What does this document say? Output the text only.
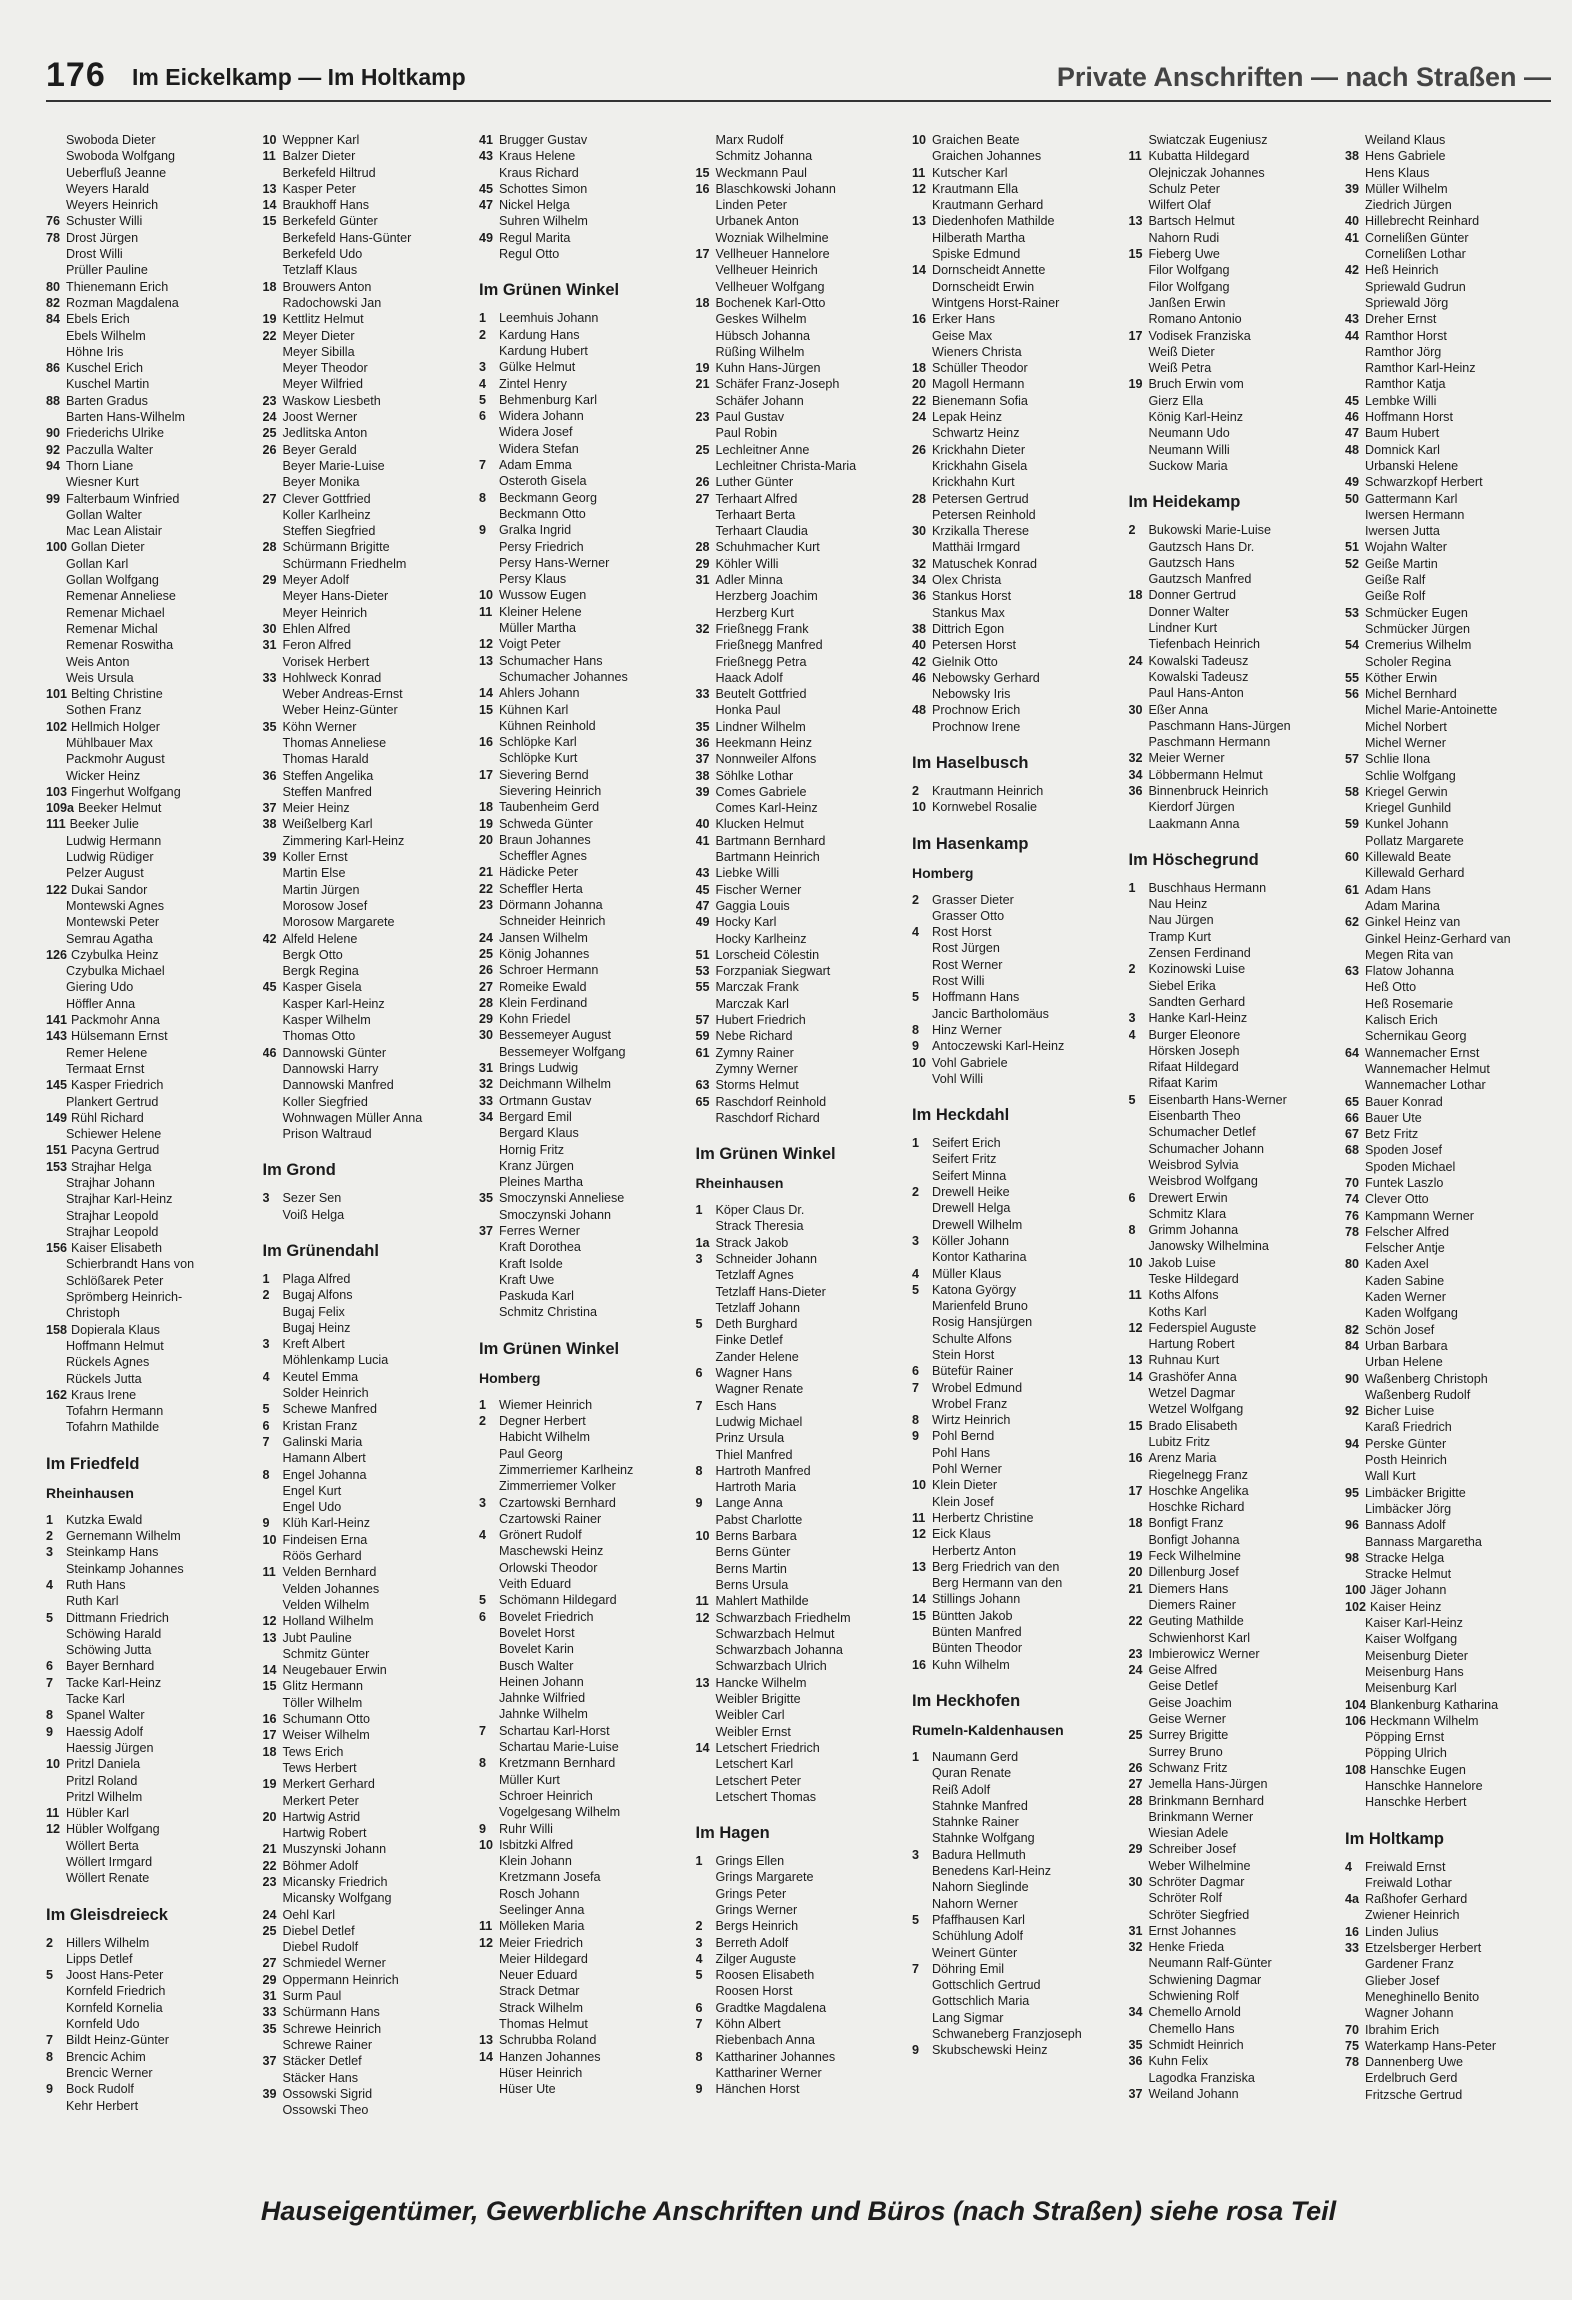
176 Im Eickelkamp — Im Holtkamp	Private Anschriften — nach Straßen —
Swoboda Dieter
Swoboda Wolfgang
Ueberfluß Jeanne
Weyers Harald
Weyers Heinrich
76 Schuster Willi
78 Drost Jürgen
Drost Willi
Prüller Pauline
80 Thienemann Erich
82 Rozman Magdalena
84 Ebels Erich
Ebels Wilhelm
Höhne Iris
86 Kuschel Erich
Kuschel Martin
88 Barten Gradus
Barten Hans-Wilhelm
90 Friederichs Ulrike
92 Paczulla Walter
94 Thorn Liane
Wiesner Kurt
99 Falterbaum Winfried
Gollan Walter
Mac Lean Alistair
100 Gollan Dieter
Gollan Karl
Gollan Wolfgang
Remenar Anneliese
Remenar Michael
Remenar Michal
Remenar Roswitha
Weis Anton
Weis Ursula
101 Belting Christine
Sothen Franz
102 Hellmich Holger
Mühlbauer Max
Packmohr August
Wicker Heinz
103 Fingerhut Wolfgang
109a Beeker Helmut
111 Beeker Julie
Ludwig Hermann
Ludwig Rüdiger
Pelzer August
122 Dukai Sandor
Montewski Agnes
Montewski Peter
Semrau Agatha
126 Czybulka Heinz
Czybulka Michael
Giering Udo
Höffler Anna
141 Packmohr Anna
143 Hülsemann Ernst
Remer Helene
Termaat Ernst
145 Kasper Friedrich
Plankert Gertrud
149 Rühl Richard
Schiewer Helene
151 Pacyna Gertrud
153 Strajhar Helga
Strajhar Johann
Strajhar Karl-Heinz
Strajhar Leopold
Strajhar Leopold
156 Kaiser Elisabeth
Schierbrandt Hans von
Schlößarek Peter
Sprömberg Heinrich-
Christoph
158 Dopierala Klaus
Hoffmann Helmut
Rückels Agnes
Rückels Jutta
162 Kraus Irene
Tofahrn Hermann
Tofahrn Mathilde
Im Friedfeld
Rheinhausen
1 Kutzka Ewald
2 Gernemann Wilhelm
3 Steinkamp Hans
Steinkamp Johannes
4 Ruth Hans
Ruth Karl
5 Dittmann Friedrich
Schöwing Harald
Schöwing Jutta
6 Bayer Bernhard
7 Tacke Karl-Heinz
Tacke Karl
8 Spanel Walter
9 Haessig Adolf
Haessig Jürgen
10 Pritzl Daniela
Pritzl Roland
Pritzl Wilhelm
11 Hübler Karl
12 Hübler Wolfgang
Wöllert Berta
Wöllert Irmgard
Wöllert Renate
Im Gleisdreieck
2 Hillers Wilhelm
Lipps Detlef
5 Joost Hans-Peter
Kornfeld Friedrich
Kornfeld Kornelia
Kornfeld Udo
7 Bildt Heinz-Günter
8 Brencic Achim
Brencic Werner
9 Bock Rudolf
Kehr Herbert
10 Weppner Karl
11 Balzer Dieter
Berkefeld Hiltrud
13 Kasper Peter
14 Braukhoff Hans
15 Berkefeld Günter
Berkefeld Hans-Günter
Berkefeld Udo
Tetzlaff Klaus
18 Brouwers Anton
Radochowski Jan
19 Kettlitz Helmut
22 Meyer Dieter
Meyer Sibilla
Meyer Theodor
Meyer Wilfried
23 Waskow Liesbeth
24 Joost Werner
25 Jedlitska Anton
26 Beyer Gerald
Beyer Marie-Luise
Beyer Monika
27 Clever Gottfried
Koller Karlheinz
Steffen Siegfried
28 Schürmann Brigitte
Schürmann Friedhelm
29 Meyer Adolf
Meyer Hans-Dieter
Meyer Heinrich
30 Ehlen Alfred
31 Feron Alfred
Vorisek Herbert
33 Hohlweck Konrad
Weber Andreas-Ernst
Weber Heinz-Günter
35 Köhn Werner
Thomas Anneliese
Thomas Harald
36 Steffen Angelika
Steffen Manfred
37 Meier Heinz
38 Weißelberg Karl
Zimmering Karl-Heinz
39 Koller Ernst
Martin Else
Martin Jürgen
Morosow Josef
Morosow Margarete
42 Alfeld Helene
Bergk Otto
Bergk Regina
45 Kasper Gisela
Kasper Karl-Heinz
Kasper Wilhelm
Thomas Otto
46 Dannowski Günter
Dannowski Harry
Dannowski Manfred
Koller Siegfried
Wohnwagen Müller Anna
Prison Waltraud
Im Grond
3 Sezer Sen
Voiß Helga
Im Grünendahl
1 Plaga Alfred
2 Bugaj Alfons
Bugaj Felix
Bugaj Heinz
3 Kreft Albert
Möhlenkamp Lucia
4 Keutel Emma
Solder Heinrich
5 Schewe Manfred
6 Kristan Franz
7 Galinski Maria
Hamann Albert
8 Engel Johanna
Engel Kurt
Engel Udo
9 Klüh Karl-Heinz
10 Findeisen Erna
Röös Gerhard
11 Velden Bernhard
Velden Johannes
Velden Wilhelm
12 Holland Wilhelm
13 Jubt Pauline
Schmitz Günter
14 Neugebauer Erwin
15 Glitz Hermann
Töller Wilhelm
16 Schumann Otto
17 Weiser Wilhelm
18 Tews Erich
Tews Herbert
19 Merkert Gerhard
Merkert Peter
20 Hartwig Astrid
Hartwig Robert
21 Muszynski Johann
22 Böhmer Adolf
23 Micansky Friedrich
Micansky Wolfgang
24 Oehl Karl
25 Diebel Detlef
Diebel Rudolf
27 Schmiedel Werner
29 Oppermann Heinrich
31 Surm Paul
33 Schürmann Hans
35 Schrewe Heinrich
Schrewe Rainer
37 Stäcker Detlef
Stäcker Hans
39 Ossowski Sigrid
Ossowski Theo
41 Brugger Gustav
43 Kraus Helene
Kraus Richard
45 Schottes Simon
47 Nickel Helga
Suhren Wilhelm
49 Regul Marita
Regul Otto
Im Grünen Winkel
1 Leemhuis Johann
2 Kardung Hans
Kardung Hubert
3 Gülke Helmut
4 Zintel Henry
5 Behmenburg Karl
6 Widera Johann
Widera Josef
Widera Stefan
7 Adam Emma
Osteroth Gisela
8 Beckmann Georg
Beckmann Otto
9 Gralka Ingrid
Persy Friedrich
Persy Hans-Werner
Persy Klaus
10 Wussow Eugen
11 Kleiner Helene
Müller Martha
12 Voigt Peter
13 Schumacher Hans
Schumacher Johannes
14 Ahlers Johann
15 Kühnen Karl
Kühnen Reinhold
16 Schlöpke Karl
Schlöpke Kurt
17 Sievering Bernd
Sievering Heinrich
18 Taubenheim Gerd
19 Schweda Günter
20 Braun Johannes
Scheffler Agnes
21 Hädicke Peter
22 Scheffler Herta
23 Dörmann Johanna
Schneider Heinrich
24 Jansen Wilhelm
25 König Johannes
26 Schroer Hermann
27 Romeike Ewald
28 Klein Ferdinand
29 Kohn Friedel
30 Bessemeyer August
Bessemeyer Wolfgang
31 Brings Ludwig
32 Deichmann Wilhelm
33 Ortmann Gustav
34 Bergard Emil
Bergard Klaus
Hornig Fritz
Kranz Jürgen
Pleines Martha
35 Smoczynski Anneliese
Smoczynski Johann
37 Ferres Werner
Kraft Dorothea
Kraft Isolde
Kraft Uwe
Paskuda Karl
Schmitz Christina
Im Grünen Winkel
Homberg
1 Wiemer Heinrich
2 Degner Herbert
Habicht Wilhelm
Paul Georg
Zimmerriemer Karlheinz
Zimmerriemer Volker
3 Czartowski Bernhard
Czartowski Rainer
4 Grönert Rudolf
Maschewski Heinz
Orlowski Theodor
Veith Eduard
5 Schömann Hildegard
6 Bovelet Friedrich
Bovelet Horst
Bovelet Karin
Busch Walter
Heinen Johann
Jahnke Wilfried
Jahnke Wilhelm
7 Schartau Karl-Horst
Schartau Marie-Luise
8 Kretzmann Bernhard
Müller Kurt
Schroer Heinrich
Vogelgesang Wilhelm
9 Ruhr Willi
10 Isbitzki Alfred
Klein Johann
Kretzmann Josefa
Rosch Johann
Seelinger Anna
11 Mölleken Maria
12 Meier Friedrich
Meier Hildegard
Neuer Eduard
Strack Detmar
Strack Wilhelm
Thomas Helmut
13 Schrubba Roland
14 Hanzen Johannes
Hüser Heinrich
Hüser Ute
Marx Rudolf
Schmitz Johanna
15 Weckmann Paul
16 Blaschkowski Johann
Linden Peter
Urbanek Anton
Wozniak Wilhelmine
17 Vellheuer Hannelore
Vellheuer Heinrich
Vellheuer Wolfgang
18 Bochenek Karl-Otto
Geskes Wilhelm
Hübsch Johanna
Rüßing Wilhelm
19 Kuhn Hans-Jürgen
21 Schäfer Franz-Joseph
Schäfer Johann
23 Paul Gustav
Paul Robin
25 Lechleitner Anne
Lechleitner Christa-Maria
26 Luther Günter
27 Terhaart Alfred
Terhaart Berta
Terhaart Claudia
28 Schuhmacher Kurt
29 Köhler Willi
31 Adler Minna
Herzberg Joachim
Herzberg Kurt
32 Frießnegg Frank
Frießnegg Manfred
Frießnegg Petra
Haack Adolf
33 Beutelt Gottfried
Honka Paul
35 Lindner Wilhelm
36 Heekmann Heinz
37 Nonnweiler Alfons
38 Söhlke Lothar
39 Comes Gabriele
Comes Karl-Heinz
40 Klucken Helmut
41 Bartmann Bernhard
Bartmann Heinrich
43 Liebke Willi
45 Fischer Werner
47 Gaggia Louis
49 Hocky Karl
Hocky Karlheinz
51 Lorscheid Cölestin
53 Forzpaniak Siegwart
55 Marczak Frank
Marczak Karl
57 Hubert Friedrich
59 Nebe Richard
61 Zymny Rainer
Zymny Werner
63 Storms Helmut
65 Raschdorf Reinhold
Raschdorf Richard
Im Grünen Winkel
Rheinhausen
1 Köper Claus Dr.
Strack Theresia
1a Strack Jakob
3 Schneider Johann
Tetzlaff Agnes
Tetzlaff Hans-Dieter
Tetzlaff Johann
5 Deth Burghard
Finke Detlef
Zander Helene
6 Wagner Hans
Wagner Renate
7 Esch Hans
Ludwig Michael
Prinz Ursula
Thiel Manfred
8 Hartroth Manfred
Hartroth Maria
9 Lange Anna
Pabst Charlotte
10 Berns Barbara
Berns Günter
Berns Martin
Berns Ursula
11 Mahlert Mathilde
12 Schwarzbach Friedhelm
Schwarzbach Helmut
Schwarzbach Johanna
Schwarzbach Ulrich
13 Hancke Wilhelm
Weibler Brigitte
Weibler Carl
Weibler Ernst
14 Letschert Friedrich
Letschert Karl
Letschert Peter
Letschert Thomas
Im Hagen
1 Grings Ellen
Grings Margarete
Grings Peter
Grings Werner
2 Bergs Heinrich
3 Berreth Adolf
4 Zilger Auguste
5 Roosen Elisabeth
Roosen Horst
6 Gradtke Magdalena
7 Köhn Albert
Riebenbach Anna
8 Katthariner Johannes
Katthariner Werner
9 Hänchen Horst
10 Graichen Beate
Graichen Johannes
11 Kutscher Karl
12 Krautmann Ella
Krautmann Gerhard
13 Diedenhofen Mathilde
Hilberath Martha
Spiske Edmund
14 Dornscheidt Annette
Dornscheidt Erwin
Wintgens Horst-Rainer
16 Erker Hans
Geise Max
Wieners Christa
18 Schüller Theodor
20 Magoll Hermann
22 Bienemann Sofia
24 Lepak Heinz
Schwartz Heinz
26 Krickhahn Dieter
Krickhahn Gisela
Krickhahn Kurt
28 Petersen Gertrud
Petersen Reinhold
30 Krzikalla Therese
Matthäi Irmgard
32 Matuschek Konrad
34 Olex Christa
36 Stankus Horst
Stankus Max
38 Dittrich Egon
40 Petersen Horst
42 Gielnik Otto
46 Nebowsky Gerhard
Nebowsky Iris
48 Prochnow Erich
Prochnow Irene
Im Haselbusch
2 Krautmann Heinrich
10 Kornwebel Rosalie
Im Hasenkamp
Homberg
2 Grasser Dieter
Grasser Otto
4 Rost Horst
Rost Jürgen
Rost Werner
Rost Willi
5 Hoffmann Hans
Jancic Bartholomäus
8 Hinz Werner
9 Antoczewski Karl-Heinz
10 Vohl Gabriele
Vohl Willi
Im Heckdahl
1 Seifert Erich
Seifert Fritz
Seifert Minna
2 Drewell Heike
Drewell Helga
Drewell Wilhelm
3 Köller Johann
Kontor Katharina
4 Müller Klaus
5 Katona György
Marienfeld Bruno
Rosig Hansjürgen
Schulte Alfons
Stein Horst
6 Bütefür Rainer
7 Wrobel Edmund
Wrobel Franz
8 Wirtz Heinrich
9 Pohl Bernd
Pohl Hans
Pohl Werner
10 Klein Dieter
Klein Josef
11 Herbertz Christine
12 Eick Klaus
Herbertz Anton
13 Berg Friedrich van den
Berg Hermann van den
14 Stillings Johann
15 Büntten Jakob
Bünten Manfred
Bünten Theodor
16 Kuhn Wilhelm
Im Heckhofen
Rumeln-Kaldenhausen
1 Naumann Gerd
Quran Renate
Reiß Adolf
Stahnke Manfred
Stahnke Rainer
Stahnke Wolfgang
3 Badura Hellmuth
Benedens Karl-Heinz
Nahorn Sieglinde
Nahorn Werner
5 Pfaffhausen Karl
Schühlung Adolf
Weinert Günter
7 Döhring Emil
Gottschlich Gertrud
Gottschlich Maria
Lang Sigmar
Schwaneberg Franzjoseph
9 Skubschewski Heinz
Swiatczak Eugeniusz
11 Kubatta Hildegard
Olejniczak Johannes
Schulz Peter
Wilfert Olaf
13 Bartsch Helmut
Nahorn Rudi
15 Fieberg Uwe
Filor Wolfgang
Filor Wolfgang
Janßen Erwin
Romano Antonio
17 Vodisek Franziska
Weiß Dieter
Weiß Petra
19 Bruch Erwin vom
Gierz Ella
König Karl-Heinz
Neumann Udo
Neumann Willi
Suckow Maria
Im Heidekamp
2 Bukowski Marie-Luise
Gautzsch Hans Dr.
Gautzsch Hans
Gautzsch Manfred
18 Donner Gertrud
Donner Walter
Lindner Kurt
Tiefenbach Heinrich
24 Kowalski Tadeusz
Kowalski Tadeusz
Paul Hans-Anton
30 Eßer Anna
Paschmann Hans-Jürgen
Paschmann Hermann
32 Meier Werner
34 Löbbermann Helmut
36 Binnenbruck Heinrich
Kierdorf Jürgen
Laakmann Anna
Im Höschegrund
1 Buschhaus Hermann
Nau Heinz
Nau Jürgen
Tramp Kurt
Zensen Ferdinand
2 Kozinowski Luise
Siebel Erika
Sandten Gerhard
3 Hanke Karl-Heinz
4 Burger Eleonore
Hörsken Joseph
Rifaat Hildegard
Rifaat Karim
5 Eisenbarth Hans-Werner
Eisenbarth Theo
Schumacher Detlef
Schumacher Johann
Weisbrod Sylvia
Weisbrod Wolfgang
6 Drewert Erwin
Schmitz Klara
8 Grimm Johanna
Janowsky Wilhelmina
10 Jakob Luise
Teske Hildegard
11 Koths Alfons
Koths Karl
12 Federspiel Auguste
Hartung Robert
13 Ruhnau Kurt
14 Grashöfer Anna
Wetzel Dagmar
Wetzel Wolfgang
15 Brado Elisabeth
Lubitz Fritz
16 Arenz Maria
Riegelnegg Franz
17 Hoschke Angelika
Hoschke Richard
18 Bonfigt Franz
Bonfigt Johanna
19 Feck Wilhelmine
20 Dillenburg Josef
21 Diemers Hans
Diemers Rainer
22 Geuting Mathilde
Schwienhorst Karl
23 Imbierowicz Werner
24 Geise Alfred
Geise Detlef
Geise Joachim
Geise Werner
25 Surrey Brigitte
Surrey Bruno
26 Schwanz Fritz
27 Jemella Hans-Jürgen
28 Brinkmann Bernhard
Brinkmann Werner
Wiesian Adele
29 Schreiber Josef
Weber Wilhelmine
30 Schröter Dagmar
Schröter Rolf
Schröter Siegfried
31 Ernst Johannes
32 Henke Frieda
Neumann Ralf-Günter
Schwiening Dagmar
Schwiening Rolf
34 Chemello Arnold
Chemello Hans
35 Schmidt Heinrich
36 Kuhn Felix
Lagodka Franziska
37 Weiland Johann
Weiland Klaus
38 Hens Gabriele
Hens Klaus
39 Müller Wilhelm
Ziedrich Jürgen
40 Hillebrecht Reinhard
41 Cornelißen Günter
Cornelißen Lothar
42 Heß Heinrich
Spriewald Gudrun
Spriewald Jörg
43 Dreher Ernst
44 Ramthor Horst
Ramthor Jörg
Ramthor Karl-Heinz
Ramthor Katja
45 Lembke Willi
46 Hoffmann Horst
47 Baum Hubert
48 Domnick Karl
Urbanski Helene
49 Schwarzkopf Herbert
50 Gattermann Karl
Iwersen Hermann
Iwersen Jutta
51 Wojahn Walter
52 Geiße Martin
Geiße Ralf
Geiße Rolf
53 Schmücker Eugen
Schmücker Jürgen
54 Cremerius Wilhelm
Scholer Regina
55 Köther Erwin
56 Michel Bernhard
Michel Marie-Antoinette
Michel Norbert
Michel Werner
57 Schlie Ilona
Schlie Wolfgang
58 Kriegel Gerwin
Kriegel Gunhild
59 Kunkel Johann
Pollatz Margarete
60 Killewald Beate
Killewald Gerhard
61 Adam Hans
Adam Marina
62 Ginkel Heinz van
Ginkel Heinz-Gerhard van
Megen Rita van
63 Flatow Johanna
Heß Otto
Heß Rosemarie
Kalisch Erich
Schernikau Georg
64 Wannemacher Ernst
Wannemacher Helmut
Wannemacher Lothar
65 Bauer Konrad
66 Bauer Ute
67 Betz Fritz
68 Spoden Josef
Spoden Michael
70 Funtek Laszlo
74 Clever Otto
76 Kampmann Werner
78 Felscher Alfred
Felscher Antje
80 Kaden Axel
Kaden Sabine
Kaden Werner
Kaden Wolfgang
82 Schön Josef
84 Urban Barbara
Urban Helene
90 Waßenberg Christoph
Waßenberg Rudolf
92 Bicher Luise
Karaß Friedrich
94 Perske Günter
Posth Heinrich
Wall Kurt
95 Limbäcker Brigitte
Limbäcker Jörg
96 Bannass Adolf
Bannass Margaretha
98 Stracke Helga
Stracke Helmut
100 Jäger Johann
102 Kaiser Heinz
Kaiser Karl-Heinz
Kaiser Wolfgang
Meisenburg Dieter
Meisenburg Hans
Meisenburg Karl
104 Blankenburg Katharina
106 Heckmann Wilhelm
Pöpping Ernst
Pöpping Ulrich
108 Hanschke Eugen
Hanschke Hannelore
Hanschke Herbert
Im Holtkamp
4 Freiwald Ernst
Freiwald Lothar
4a Raßhofer Gerhard
Zwiener Heinrich
16 Linden Julius
33 Etzelsberger Herbert
Gardener Franz
Glieber Josef
Meneghinello Benito
Wagner Johann
70 Ibrahim Erich
75 Waterkamp Hans-Peter
78 Dannenberg Uwe
Erdelbruch Gerd
Fritzsche Gertrud
Hauseigentümer, Gewerbliche Anschriften und Büros (nach Straßen) siehe rosa Teil
